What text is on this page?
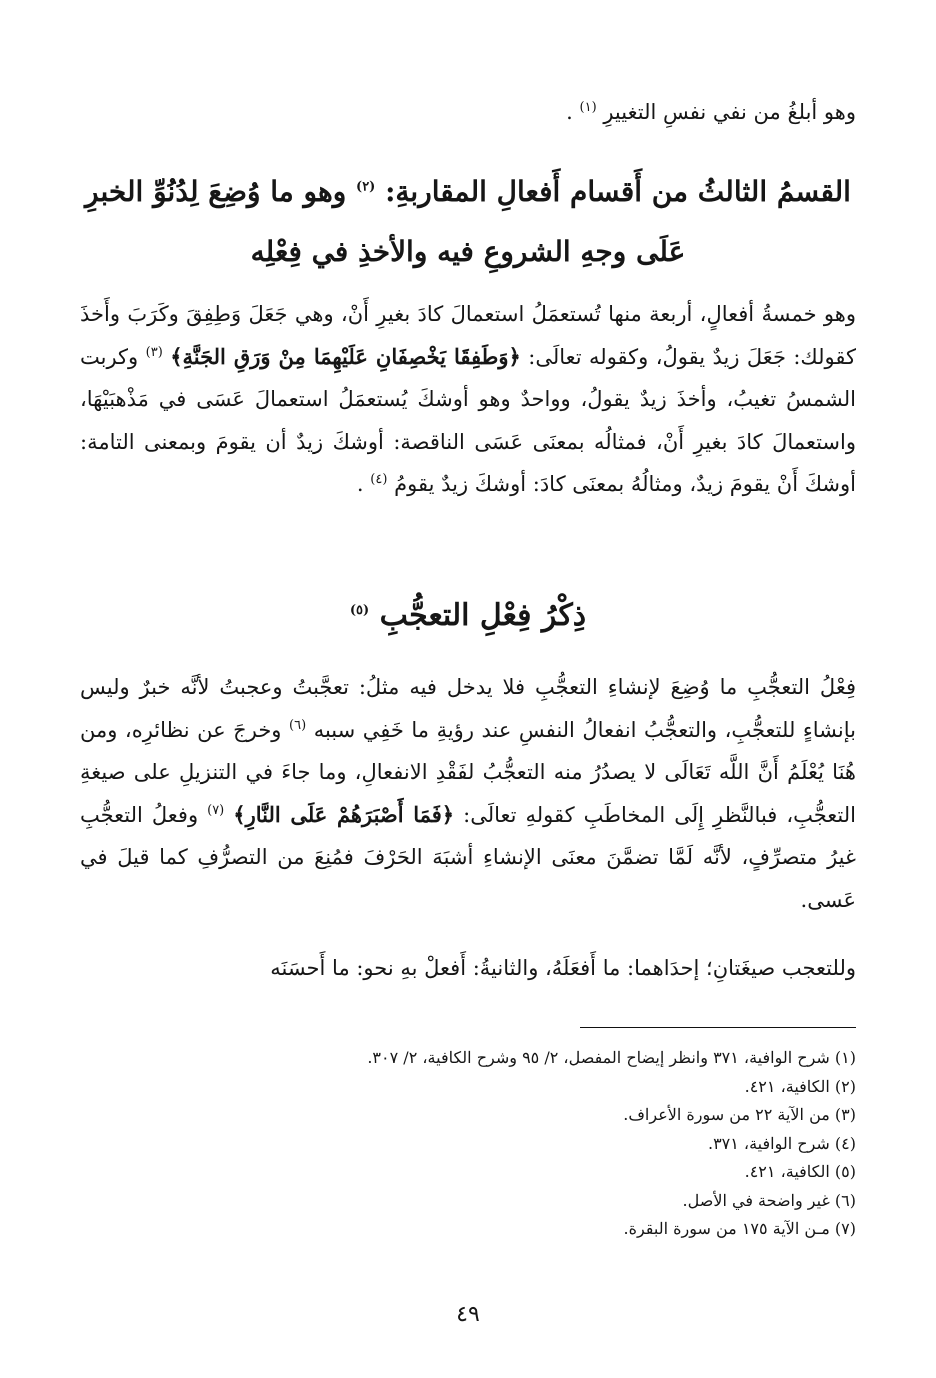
وهو أبلغُ من نفي نفسِ التغييرِ $^{(١)}$ .

القسمُ الثالثُ من أَقسام أَفعالِ المقاربةِ: $^{(٢)}$ وهو ما وُضِعَ لِدُنُوِّ الخبرِ عَلَى وجهِ الشروعِ فيه والأخذِ في فِعْلِه

وهو خمسةُ أفعالٍ، أربعة منها تُستعمَلُ استعمالَ كادَ بغيرِ أَنْ، وهي جَعَلَ وَطِفِقَ وكَرَبَ وأَخذَ كقولك: جَعَلَ زيدٌ يقولُ، وكقوله تعالَى: ﴿وَطَفِقَا يَخْصِفَانِ عَلَيْهِمَا مِنْ وَرَقِ الجَنَّةِ﴾ $^{(٣)}$ وكربت الشمسُ تغيبُ، وأخذَ زيدٌ يقولُ، وواحدٌ وهو أوشكَ يُستعمَلُ استعمالَ عَسَى في مَذْهبَيْهَا، واستعمالَ كادَ بغيرِ أَنْ، فمثالُه بمعنَى عَسَى الناقصة: أوشكَ زيدٌ أن يقومَ وبمعنى التامة: أوشكَ أَنْ يقومَ زيدٌ، ومثالُهُ بمعنَى كادَ: أوشكَ زيدٌ يقومُ $^{(٤)}$ .

ذِكْرُ فِعْلِ التعجُّبِ $^{(٥)}$

فِعْلُ التعجُّبِ ما وُضِعَ لإنشاءِ التعجُّبِ فلا يدخل فيه مثلُ: تعجَّبتُ وعجبتُ لأنَّه خبرٌ وليس بإنشاءٍ للتعجُّبِ، والتعجُّبُ انفعالُ النفسِ عند رؤيةِ ما خَفِي سببه $^{(٦)}$ وخرجَ عن نظائرِه، ومن هُنَا يُعْلَمُ أَنَّ اللَّه تَعَالَى لا يصدُرُ منه التعجُّبُ لفَقْدِ الانفعالِ، وما جاءَ في التنزيلِ على صيغةِ التعجُّبِ، فبالنَّظرِ إِلَى المخاطَبِ كقولهِ تعالَى: ﴿فَمَا أَصْبَرَهُمْ عَلَى النَّارِ﴾ $^{(٧)}$ وفعلُ التعجُّبِ غيرُ متصرِّفٍ، لأنَّه لَمَّا تضمَّنَ معنَى الإنشاءِ أشبَهَ الحَرْفَ فمُنِعَ من التصرُّفِ كما قيلَ في عَسى.

وللتعجب صيغَتانِ؛ إحدَاهما: ما أَفعَلَهُ، والثانيةُ: أَفعلْ بهِ نحو: ما أَحسَنَه

(١) شرح الوافية، ٣٧١ وانظر إيضاح المفصل، ٢/ ٩٥ وشرح الكافية، ٢/ ٣٠٧.
(٢) الكافية، ٤٢١.
(٣) من الآية ٢٢ من سورة الأعراف.
(٤) شرح الوافية، ٣٧١.
(٥) الكافية، ٤٢١.
(٦) غير واضحة في الأصل.
(٧) مـن الآية ١٧٥ من سورة البقرة.
٤٩
